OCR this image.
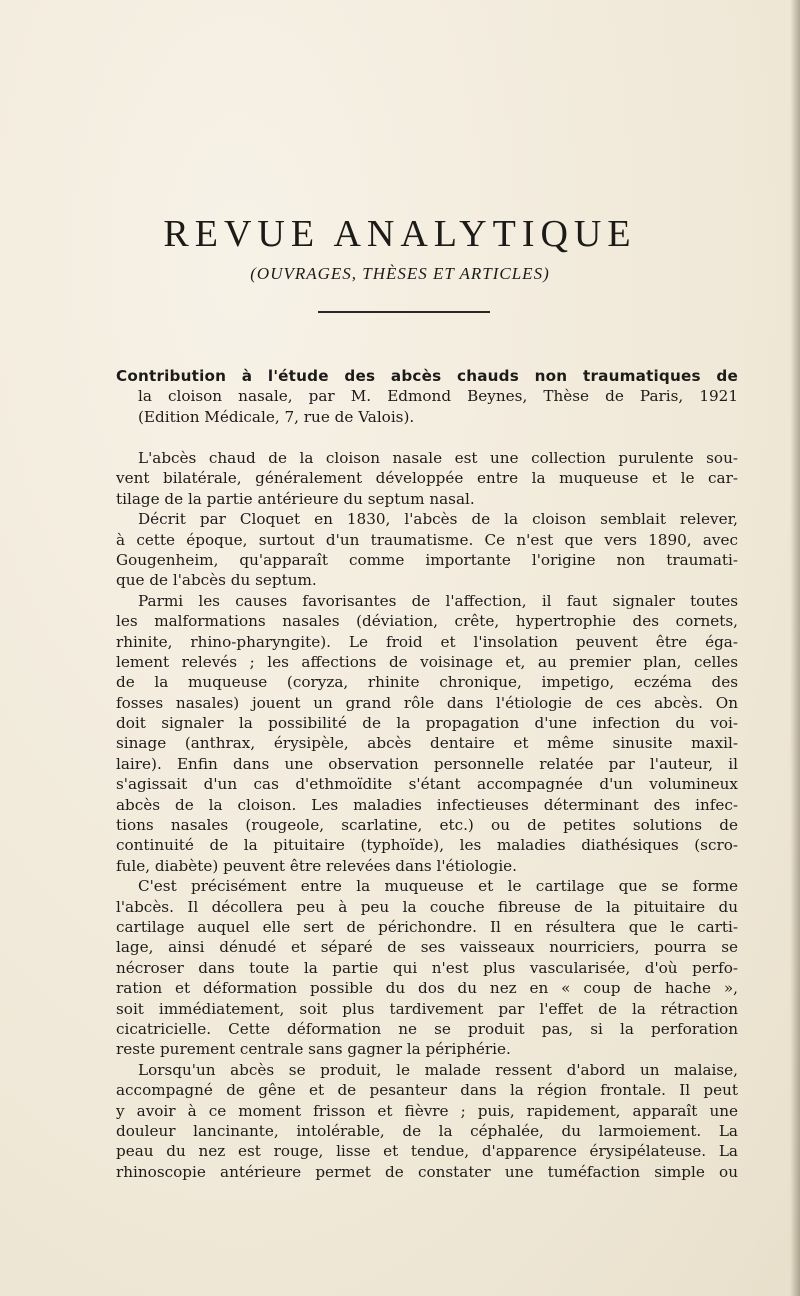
REVUE ANALYTIQUE
(OUVRAGES, THÈSES ET ARTICLES)
Contribution à l'étude des abcès chauds non traumatiques de
la cloison nasale, par M. Edmond Beynes, Thèse de Paris, 1921
(Edition Médicale, 7, rue de Valois).
L'abcès chaud de la cloison nasale est une collection purulente sou-
vent bilatérale, généralement développée entre la muqueuse et le car-
tilage de la partie antérieure du septum nasal.
Décrit par Cloquet en 1830, l'abcès de la cloison semblait relever,
à cette époque, surtout d'un traumatisme. Ce n'est que vers 1890, avec
Gougenheim, qu'apparaît comme importante l'origine non traumati-
que de l'abcès du septum.
Parmi les causes favorisantes de l'affection, il faut signaler toutes
les malformations nasales (déviation, crête, hypertrophie des cornets,
rhinite, rhino-pharyngite). Le froid et l'insolation peuvent être éga-
lement relevés ; les affections de voisinage et, au premier plan, celles
de la muqueuse (coryza, rhinite chronique, impetigo, eczéma des
fosses nasales) jouent un grand rôle dans l'étiologie de ces abcès. On
doit signaler la possibilité de la propagation d'une infection du voi-
sinage (anthrax, érysipèle, abcès dentaire et même sinusite maxil-
laire). Enfin dans une observation personnelle relatée par l'auteur, il
s'agissait d'un cas d'ethmoïdite s'étant accompagnée d'un volumineux
abcès de la cloison. Les maladies infectieuses déterminant des infec-
tions nasales (rougeole, scarlatine, etc.) ou de petites solutions de
continuité de la pituitaire (typhoïde), les maladies diathésiques (scro-
fule, diabète) peuvent être relevées dans l'étiologie.
C'est précisément entre la muqueuse et le cartilage que se forme
l'abcès. Il décollera peu à peu la couche fibreuse de la pituitaire du
cartilage auquel elle sert de périchondre. Il en résultera que le carti-
lage, ainsi dénudé et séparé de ses vaisseaux nourriciers, pourra se
nécroser dans toute la partie qui n'est plus vascularisée, d'où perfo-
ration et déformation possible du dos du nez en « coup de hache »,
soit immédiatement, soit plus tardivement par l'effet de la rétraction
cicatricielle. Cette déformation ne se produit pas, si la perforation
reste purement centrale sans gagner la périphérie.
Lorsqu'un abcès se produit, le malade ressent d'abord un malaise,
accompagné de gêne et de pesanteur dans la région frontale. Il peut
y avoir à ce moment frisson et fièvre ; puis, rapidement, apparaît une
douleur lancinante, intolérable, de la céphalée, du larmoiement. La
peau du nez est rouge, lisse et tendue, d'apparence érysipélateuse. La
rhinoscopie antérieure permet de constater une tuméfaction simple ou
